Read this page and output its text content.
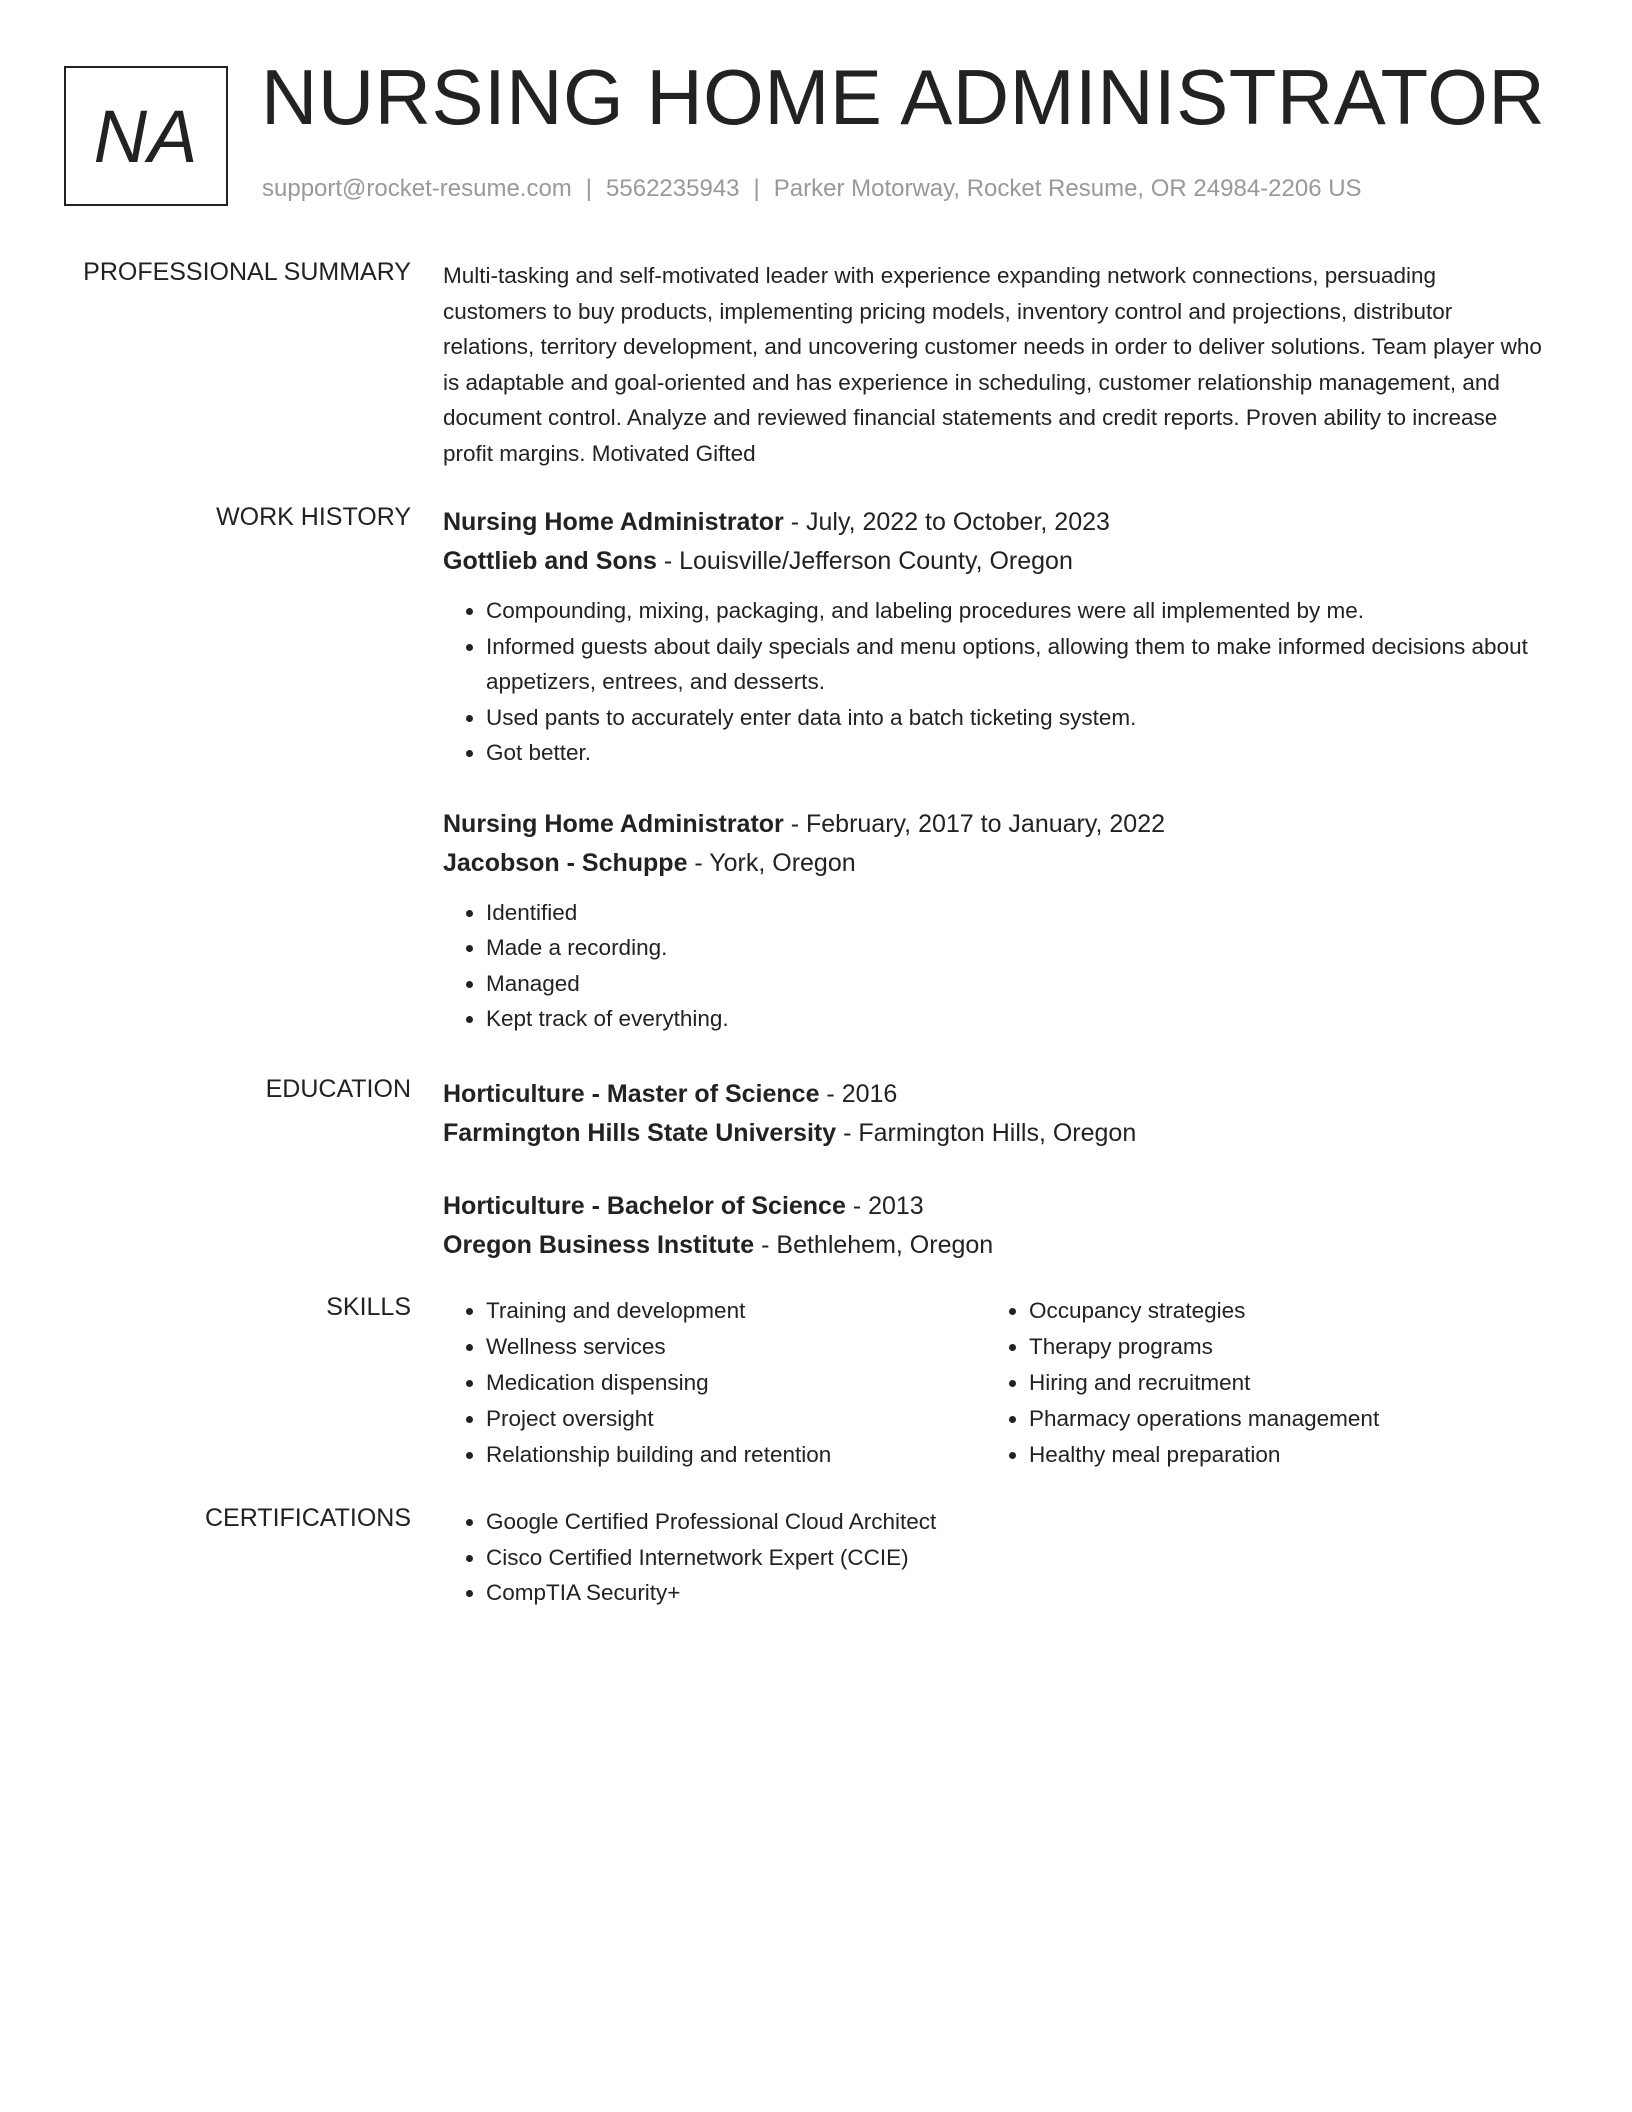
NA NURSING HOME ADMINISTRATOR
support@rocket-resume.com | 5562235943 | Parker Motorway, Rocket Resume, OR 24984-2206 US
PROFESSIONAL SUMMARY Multi-tasking and self-motivated leader with experience expanding network connections, persuading customers to buy products, implementing pricing models, inventory control and projections, distributor relations, territory development, and uncovering customer needs in order to deliver solutions. Team player who is adaptable and goal-oriented and has experience in scheduling, customer relationship management, and document control. Analyze and reviewed financial statements and credit reports. Proven ability to increase profit margins. Motivated Gifted

WORK HISTORY Nursing Home Administrator - July, 2022 to October, 2023
Gottlieb and Sons - Louisville/Jefferson County, Oregon
• Compounding, mixing, packaging, and labeling procedures were all implemented by me.
• Informed guests about daily specials and menu options, allowing them to make informed decisions about appetizers, entrees, and desserts.
• Used pants to accurately enter data into a batch ticketing system.
• Got better.
Nursing Home Administrator - February, 2017 to January, 2022
Jacobson - Schuppe - York, Oregon
• Identified
• Made a recording.
• Managed
• Kept track of everything.
EDUCATION Horticulture - Master of Science - 2016
Farmington Hills State University - Farmington Hills, Oregon
Horticulture - Bachelor of Science - 2013
Oregon Business Institute - Bethlehem, Oregon
SKILLS	• Training and development
• Wellness services
• Medication dispensing
• Project oversight
• Relationship building and retention
• Occupancy strategies
• Therapy programs
• Hiring and recruitment
• Pharmacy operations management
• Healthy meal preparation
CERTIFICATIONS	• Google Certified Professional Cloud Architect
• Cisco Certified Internetwork Expert (CCIE)
• CompTIA Security+
